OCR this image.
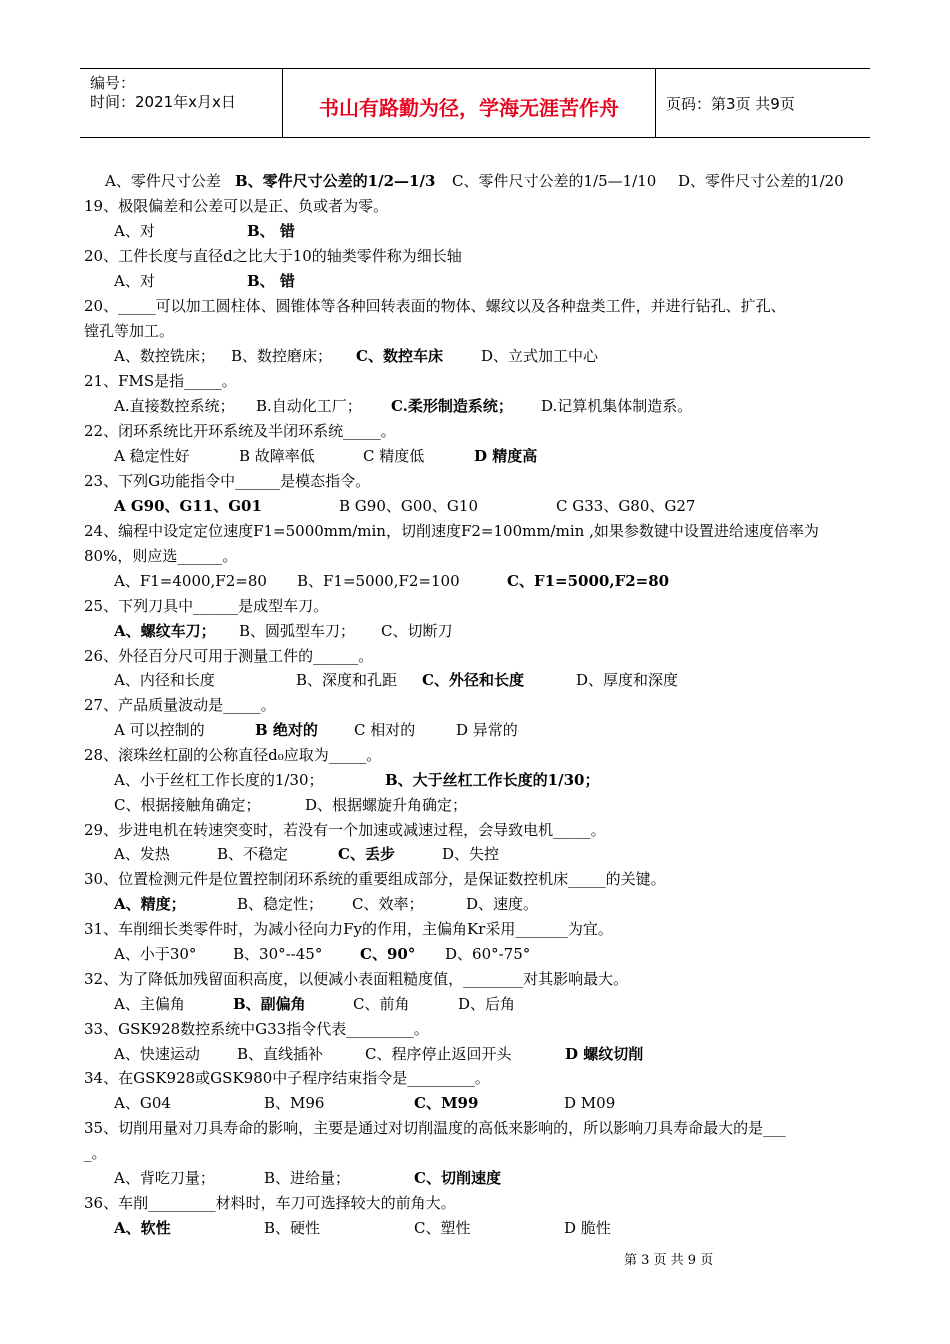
编号：
时间：2021年x月x日	书山有路勤为径，学海无涯苦作舟	页码：第3页 共9页
A、零件尺寸公差 B、零件尺寸公差的1/2—1/3 C、零件尺寸公差的1/5—1/10 D、零件尺寸公差的1/20
19、极限偏差和公差可以是正、负或者为零。
A、对	B、 错
20、工件长度与直径d之比大于10的轴类零件称为细长轴
A、对	B、 错
20、_____可以加工圆柱体、圆锥体等各种回转表面的物体、螺纹以及各种盘类工件，并进行钻孔、扩孔、
镗孔等加工。
A、数控铣床； B、数控磨床； C、数控车床	D、立式加工中心
21、FMS是指_____。
A.直接数控系统； B.自动化工厂； C.柔形制造系统； D.记算机集体制造系。
22、闭环系统比开环系统及半闭环系统_____。
A 稳定性好	B 故障率低	C 精度低	D 精度高
23、下列G功能指令中______是模态指令。
A G90、G11、G01	B G90、G00、G10	C G33、G80、G27
24、编程中设定定位速度F1=5000mm/min，切削速度F2=100mm/min ,如果参数键中设置进给速度倍率为
80%，则应选______。
A、F1=4000,F2=80 B、F1=5000,F2=100	C、F1=5000,F2=80
25、下列刀具中______是成型车刀。
A、螺纹车刀； B、圆弧型车刀； C、切断刀
26、外径百分尺可用于测量工件的______。
A、内径和长度	B、深度和孔距 C、外径和长度	D、厚度和深度
27、产品质量波动是_____。
A 可以控制的	B 绝对的 C 相对的	D 异常的
28、滚珠丝杠副的公称直径d₀应取为_____。
A、小于丝杠工作长度的1/30；	B、大于丝杠工作长度的1/30；
C、根据接触角确定；	D、根据螺旋升角确定；
29、步进电机在转速突变时，若没有一个加速或减速过程，会导致电机_____。
A、发热	B、不稳定	C、丢步	D、失控
30、位置检测元件是位置控制闭环系统的重要组成部分，是保证数控机床_____的关键。
A、精度；	B、稳定性； C、效率；	D、速度。
31、车削细长类零件时，为减小径向力Fy的作用，主偏角Kr采用_______为宜。
A、小于30° B、30°--45°	C、90° D、60°-75°
32、为了降低加残留面积高度，以便减小表面粗糙度值，________对其影响最大。
A、主偏角	B、副偏角	C、前角	D、后角
33、GSK928数控系统中G33指令代表_________。
A、快速运动 B、直线插补	C、程序停止返回开头	D 螺纹切削
34、在GSK928或GSK980中子程序结束指令是_________。
A、G04	B、M96	C、M99	D M09
35、切削用量对刀具寿命的影响，主要是通过对切削温度的高低来影响的，所以影响刀具寿命最大的是___
_。
A、背吃刀量；	B、进给量；	C、切削速度
36、车削_________材料时，车刀可选择较大的前角大。
A、软性	B、硬性	C、塑性	D 脆性
第 3 页 共 9 页
